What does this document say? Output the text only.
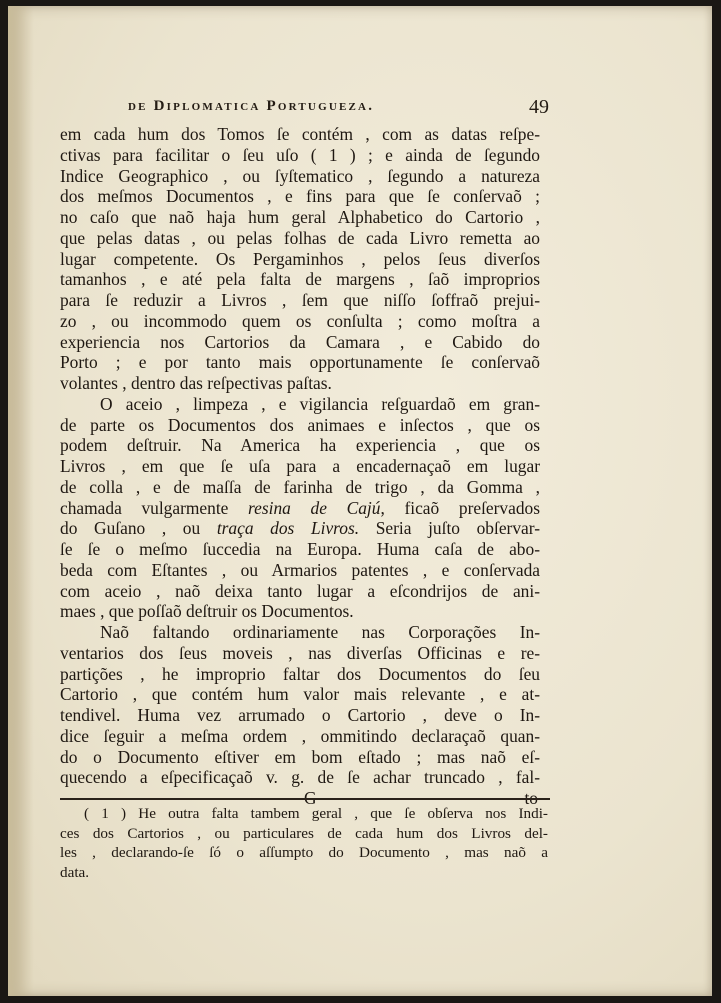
de Diplomatica Portugueza.	49
em cada hum dos Tomos ſe contém , com as datas reſpe-
ctivas para facilitar o ſeu uſo ( 1 ) ; e ainda de ſegundo
Indice Geographico , ou ſyſtematico , ſegundo a natureza
dos meſmos Documentos , e fins para que ſe conſervaõ ;
no caſo que naõ haja hum geral Alphabetico do Cartorio ,
que pelas datas , ou pelas folhas de cada Livro remetta ao
lugar competente. Os Pergaminhos , pelos ſeus diverſos
tamanhos , e até pela falta de margens , ſaõ improprios
para ſe reduzir a Livros , ſem que niſſo ſoffraõ prejui-
zo , ou incommodo quem os conſulta ; como moſtra a
experiencia nos Cartorios da Camara , e Cabido do
Porto ; e por tanto mais opportunamente ſe conſervaõ
volantes , dentro das reſpectivas paſtas.
O aceio , limpeza , e vigilancia reſguardaõ em gran-
de parte os Documentos dos animaes e inſectos , que os
podem deſtruir. Na America ha experiencia , que os
Livros , em que ſe uſa para a encadernaçaõ em lugar
de colla , e de maſſa de farinha de trigo , da Gomma ,
chamada vulgarmente resina de Cajú, ficaõ preſervados
do Guſano , ou traça dos Livros. Seria juſto obſervar-
ſe ſe o meſmo ſuccedia na Europa. Huma caſa de abo-
beda com Eſtantes , ou Armarios patentes , e conſervada
com aceio , naõ deixa tanto lugar a eſcondrijos de ani-
maes , que poſſaõ deſtruir os Documentos.
Naõ faltando ordinariamente nas Corporações In-
ventarios dos ſeus moveis , nas diverſas Officinas e re-
partições , he improprio faltar dos Documentos do ſeu
Cartorio , que contém hum valor mais relevante , e at-
tendivel. Huma vez arrumado o Cartorio , deve o In-
dice ſeguir a meſma ordem , ommitindo declaraçaõ quan-
do o Documento eſtiver em bom eſtado ; mas naõ eſ-
quecendo a eſpecificaçaõ v. g. de ſe achar truncado , fal-
( 1 ) He outra falta tambem geral , que ſe obſerva nos Indi-
ces dos Cartorios , ou particulares de cada hum dos Livros del-
les , declarando-ſe ſó o aſſumpto do Documento , mas naõ a
data.
